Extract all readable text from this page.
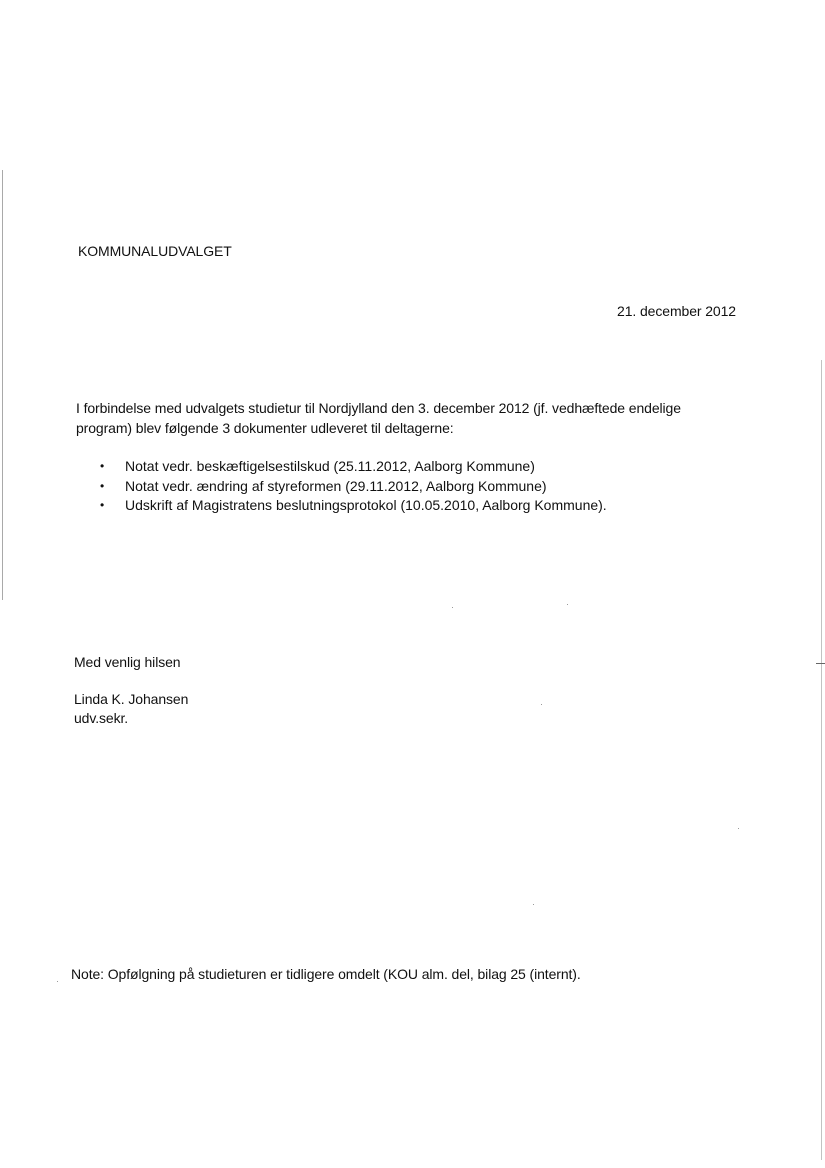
KOMMUNALUDVALGET
21. december 2012

I forbindelse med udvalgets studietur til Nordjylland den 3. december 2012 (jf. vedhæftede endelige

program) blev følgende 3 dokumenter udleveret til deltagerne:

• Notat vedr. beskæftigelsestilskud (25.11.2012, Aalborg Kommune)
• Notat vedr. ændring af styreformen (29.11.2012, Aalborg Kommune)
• Udskrift af Magistratens beslutningsprotokol (10.05.2010, Aalborg Kommune).
Med venlig hilsen
Linda K. Johansen
udv.sekr.
Note: Opfølgning på studieturen er tidligere omdelt (KOU alm. del, bilag 25 (internt).
